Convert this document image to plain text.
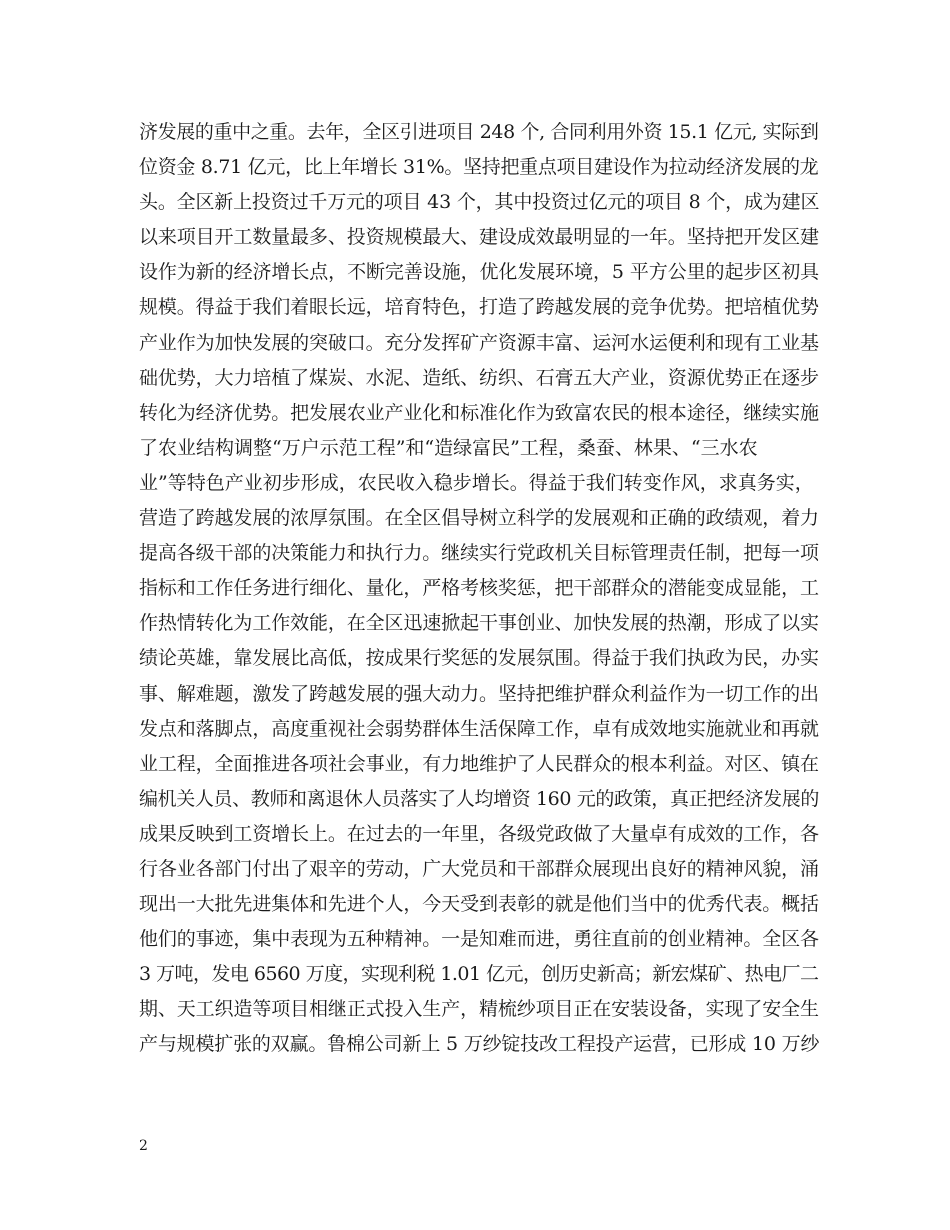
济发展的重中之重。去年，全区引进项目 248 个, 合同利用外资 15.1 亿元, 实际到
位资金 8.71 亿元，比上年增长 31%。坚持把重点项目建设作为拉动经济发展的龙
头。全区新上投资过千万元的项目 43 个，其中投资过亿元的项目 8 个，成为建区
以来项目开工数量最多、投资规模最大、建设成效最明显的一年。坚持把开发区建
设作为新的经济增长点，不断完善设施，优化发展环境，5 平方公里的起步区初具
规模。得益于我们着眼长远，培育特色，打造了跨越发展的竞争优势。把培植优势
产业作为加快发展的突破口。充分发挥矿产资源丰富、运河水运便利和现有工业基
础优势，大力培植了煤炭、水泥、造纸、纺织、石膏五大产业，资源优势正在逐步
转化为经济优势。把发展农业产业化和标准化作为致富农民的根本途径，继续实施
了农业结构调整“万户示范工程”和“造绿富民”工程，桑蚕、林果、“三水农
业”等特色产业初步形成，农民收入稳步增长。得益于我们转变作风，求真务实，
营造了跨越发展的浓厚氛围。在全区倡导树立科学的发展观和正确的政绩观，着力
提高各级干部的决策能力和执行力。继续实行党政机关目标管理责任制，把每一项
指标和工作任务进行细化、量化，严格考核奖惩，把干部群众的潜能变成显能，工
作热情转化为工作效能，在全区迅速掀起干事创业、加快发展的热潮，形成了以实
绩论英雄，靠发展比高低，按成果行奖惩的发展氛围。得益于我们执政为民，办实
事、解难题，激发了跨越发展的强大动力。坚持把维护群众利益作为一切工作的出
发点和落脚点，高度重视社会弱势群体生活保障工作，卓有成效地实施就业和再就
业工程，全面推进各项社会事业，有力地维护了人民群众的根本利益。对区、镇在
编机关人员、教师和离退休人员落实了人均增资 160 元的政策，真正把经济发展的
成果反映到工资增长上。在过去的一年里，各级党政做了大量卓有成效的工作，各
行各业各部门付出了艰辛的劳动，广大党员和干部群众展现出良好的精神风貌，涌
现出一大批先进集体和先进个人，今天受到表彰的就是他们当中的优秀代表。概括
他们的事迹，集中表现为五种精神。一是知难而进，勇往直前的创业精神。全区各
3 万吨，发电 6560 万度，实现利税 1.01 亿元，创历史新高；新宏煤矿、热电厂二
期、天工织造等项目相继正式投入生产，精梳纱项目正在安装设备，实现了安全生
产与规模扩张的双赢。鲁棉公司新上 5 万纱锭技改工程投产运营，已形成 10 万纱
2
